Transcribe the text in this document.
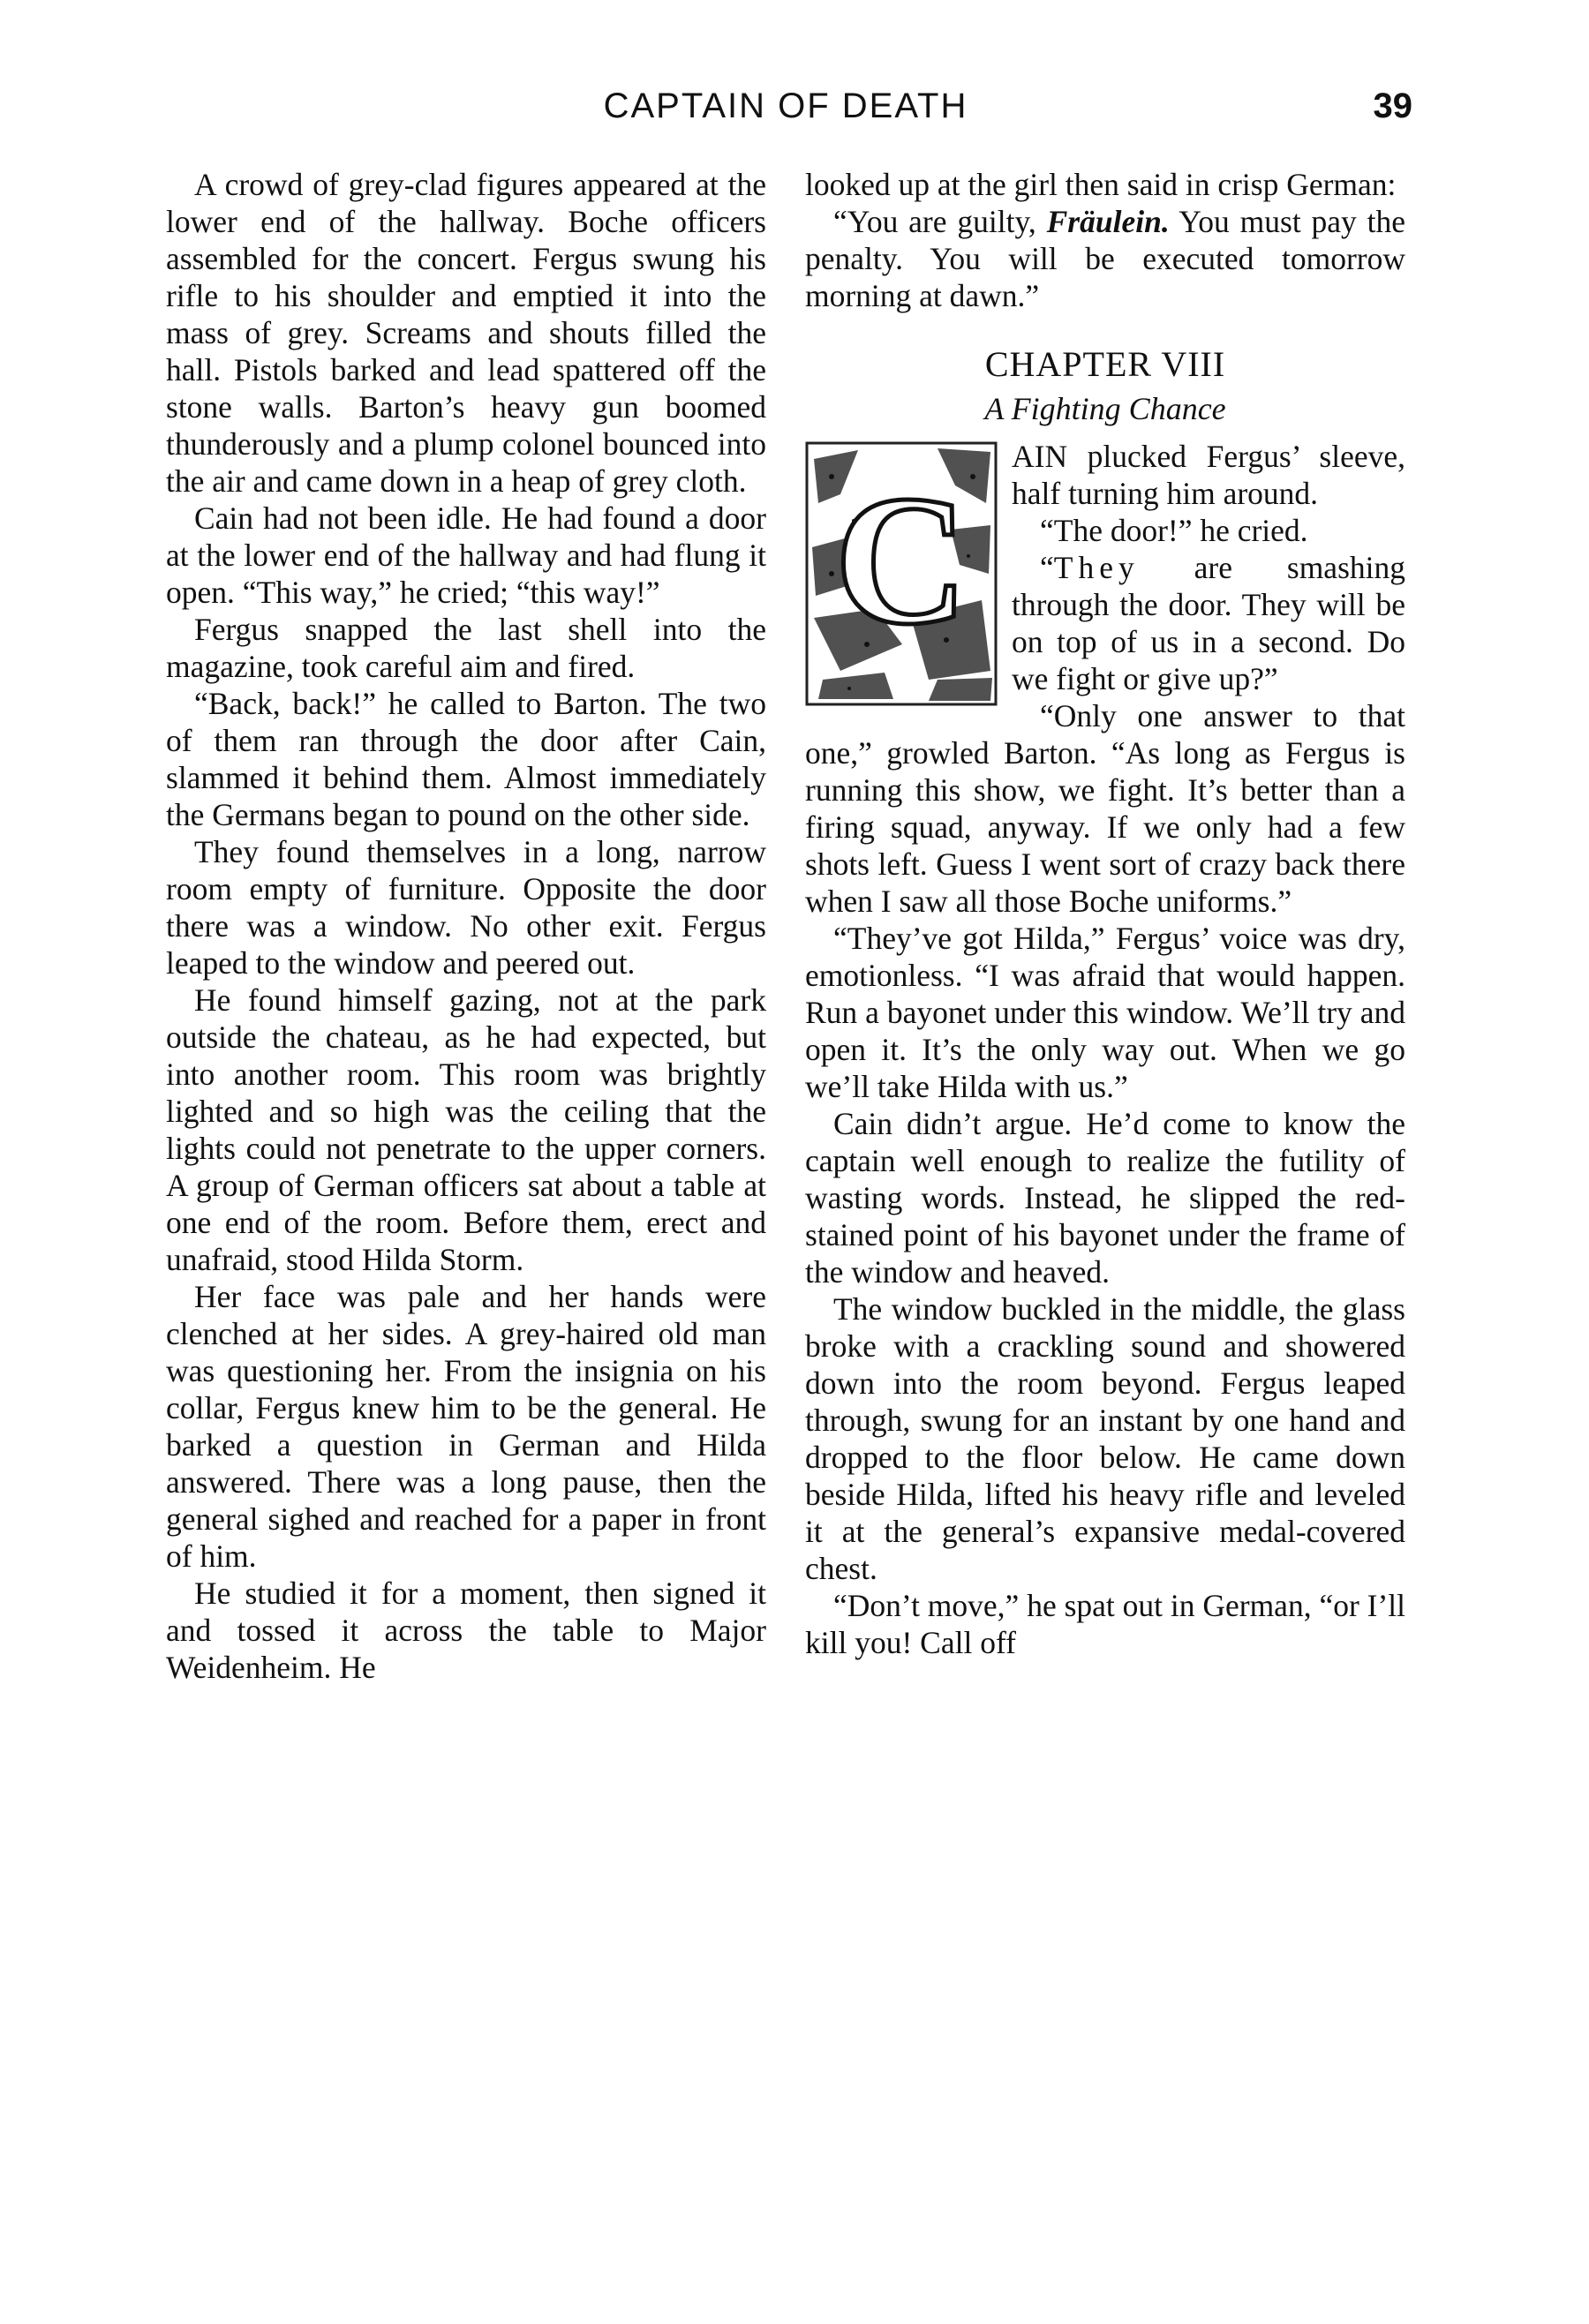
CAPTAIN OF DEATH	39

A crowd of grey-clad figures appeared at the lower end of the hallway. Boche officers assembled for the concert. Fergus swung his rifle to his shoulder and emptied it into the mass of grey. Screams and shouts filled the hall. Pistols barked and lead spattered off the stone walls. Barton’s heavy gun boomed thunderously and a plump colonel bounced into the air and came down in a heap of grey cloth.

Cain had not been idle. He had found a door at the lower end of the hallway and had flung it open. “This way,” he cried; “this way!”

Fergus snapped the last shell into the magazine, took careful aim and fired.

“Back, back!” he called to Barton. The two of them ran through the door after Cain, slammed it behind them. Almost immediately the Germans began to pound on the other side.

They found themselves in a long, narrow room empty of furniture. Opposite the door there was a window. No other exit. Fergus leaped to the window and peered out.

He found himself gazing, not at the park outside the chateau, as he had expected, but into another room. This room was brightly lighted and so high was the ceiling that the lights could not penetrate to the upper corners. A group of German officers sat about a table at one end of the room. Before them, erect and unafraid, stood Hilda Storm.

Her face was pale and her hands were clenched at her sides. A grey-haired old man was questioning her. From the insignia on his collar, Fergus knew him to be the general. He barked a question in German and Hilda answered. There was a long pause, then the general sighed and reached for a paper in front of him.

He studied it for a moment, then signed it and tossed it across the table to Major Weidenheim. He

looked up at the girl then said in crisp German:

“You are guilty, Fräulein. You must pay the penalty. You will be executed tomorrow morning at dawn.”

CHAPTER VIII
A Fighting Chance
C

AIN plucked Fergus’ sleeve, half turning him around.

“The door!” he cried.

“They are smashing through the door. They will be on top of us in a second. Do we fight or give up?”

“Only one answer to that one,” growled Barton. “As long as Fergus is running this show, we fight. It’s better than a firing squad, anyway. If we only had a few shots left. Guess I went sort of crazy back there when I saw all those Boche uniforms.”

“They’ve got Hilda,” Fergus’ voice was dry, emotionless. “I was afraid that would happen. Run a bayonet under this window. We’ll try and open it. It’s the only way out. When we go we’ll take Hilda with us.”

Cain didn’t argue. He’d come to know the captain well enough to realize the futility of wasting words. Instead, he slipped the red-stained point of his bayonet under the frame of the window and heaved.

The window buckled in the middle, the glass broke with a crackling sound and showered down into the room beyond. Fergus leaped through, swung for an instant by one hand and dropped to the floor below. He came down beside Hilda, lifted his heavy rifle and leveled it at the general’s expansive medal-covered chest.

“Don’t move,” he spat out in German, “or I’ll kill you! Call off
